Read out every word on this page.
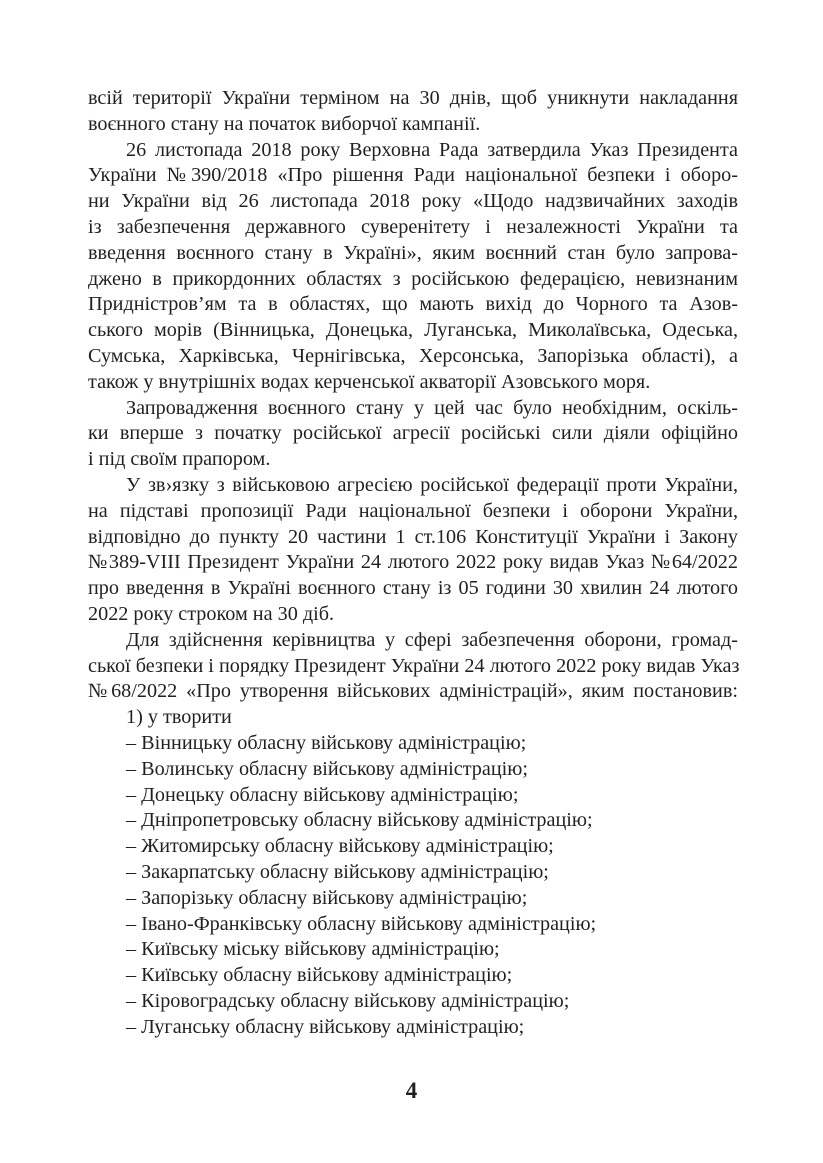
всій території України терміном на 30 днів, щоб уникнути накладання
воєнного стану на початок виборчої кампанії.
26 листопада 2018 року Верховна Рада затвердила Указ Президента
України №390/2018 «Про рішення Ради національної безпеки і оборо-
ни України від 26 листопада 2018 року «Щодо надзвичайних заходів
із забезпечення державного суверенітету і незалежності України та
введення воєнного стану в Україні», яким воєнний стан було запрова-
джено в прикордонних областях з російською федерацією, невизнаним
Придністров’ям та в областях, що мають вихід до Чорного та Азов-
ського морів (Вінницька, Донецька, Луганська, Миколаївська, Одеська,
Сумська, Харківська, Чернігівська, Херсонська, Запорізька області), а
також у внутрішніх водах керченської акваторії Азовського моря.
Запровадження воєнного стану у цей час було необхідним, оскіль-
ки вперше з початку російської агресії російські сили діяли офіційно
і під своїм прапором.
У зв›язку з військовою агресією російської федерації проти України,
на підставі пропозиції Ради національної безпеки і оборони України,
відповідно до пункту 20 частини 1 ст.106 Конституції України і Закону
№389-VIII Президент України 24 лютого 2022 року видав Указ №64/2022
про введення в Україні воєнного стану із 05 години 30 хвилин 24 лютого
2022 року строком на 30 діб.
Для здійснення керівництва у сфері забезпечення оборони, громад-
ської безпеки і порядку Президент України 24 лютого 2022 року видав Указ
№68/2022 «Про утворення військових адміністрацій», яким постановив:
1) у творити
– Вінницьку обласну військову адміністрацію;
– Волинську обласну військову адміністрацію;
– Донецьку обласну військову адміністрацію;
– Дніпропетровську обласну військову адміністрацію;
– Житомирську обласну військову адміністрацію;
– Закарпатську обласну військову адміністрацію;
– Запорізьку обласну військову адміністрацію;
– Івано-Франківську обласну військову адміністрацію;
– Київську міську військову адміністрацію;
– Київську обласну військову адміністрацію;
– Кіровоградську обласну військову адміністрацію;
– Луганську обласну військову адміністрацію;
4
